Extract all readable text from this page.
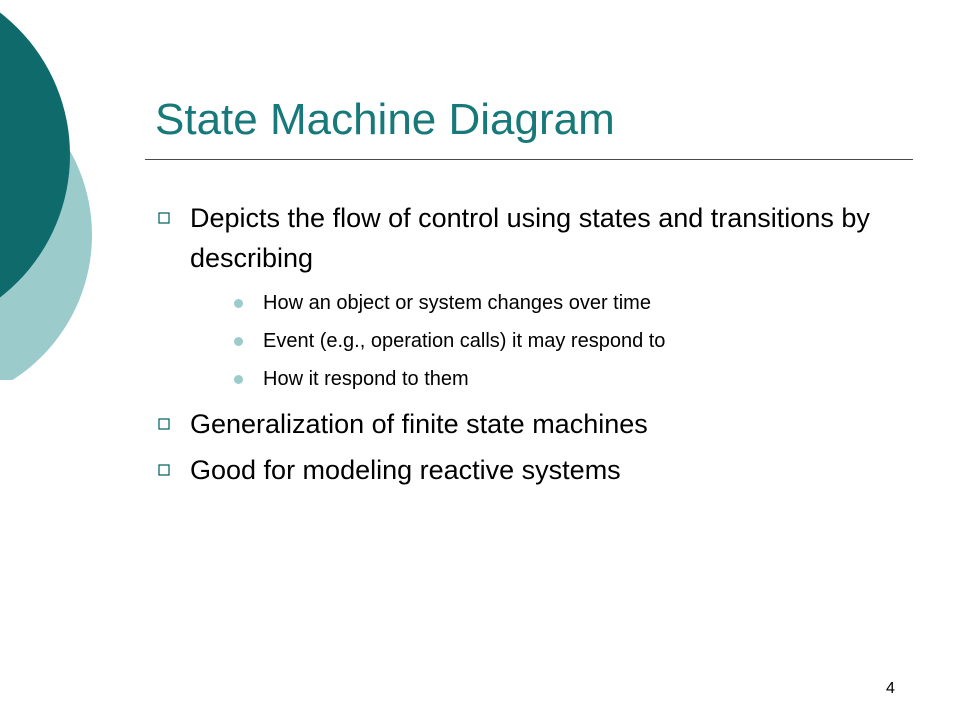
State Machine Diagram
Depicts the flow of control using states and transitions by describing
How an object or system changes over time
Event (e.g., operation calls) it may respond to
How it respond to them
Generalization of finite state machines
Good for modeling reactive systems
4
